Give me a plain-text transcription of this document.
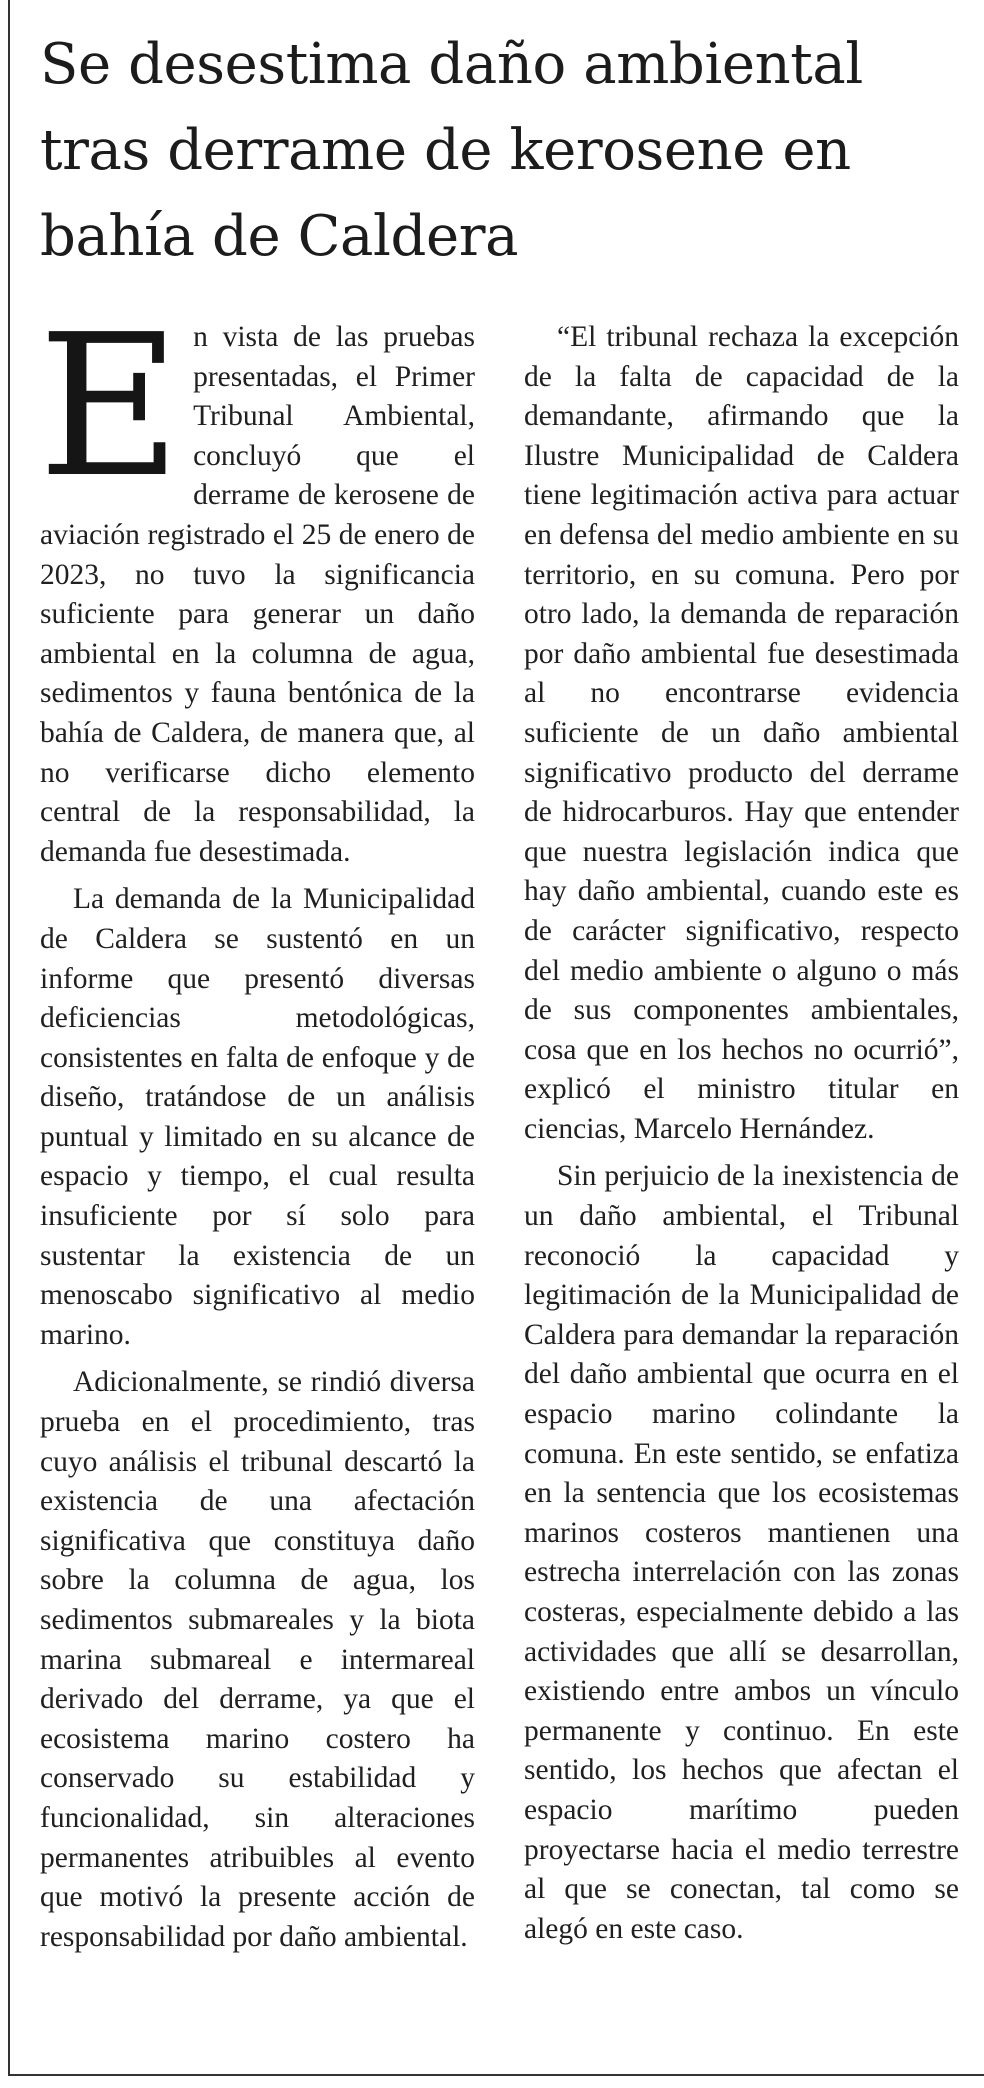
Se desestima daño ambiental tras derrame de kerosene en bahía de Caldera

En vista de las pruebas presentadas, el Primer Tribunal Ambiental, concluyó que el derrame de kerosene de aviación registrado el 25 de enero de 2023, no tuvo la significancia suficiente para generar un daño ambiental en la columna de agua, sedimentos y fauna bentónica de la bahía de Caldera, de manera que, al no verificarse dicho elemento central de la responsabilidad, la demanda fue desestimada.

La demanda de la Municipalidad de Caldera se sustentó en un informe que presentó diversas deficiencias metodológicas, consistentes en falta de enfoque y de diseño, tratándose de un análisis puntual y limitado en su alcance de espacio y tiempo, el cual resulta insuficiente por sí solo para sustentar la existencia de un menoscabo significativo al medio marino.

Adicionalmente, se rindió diversa prueba en el procedimiento, tras cuyo análisis el tribunal descartó la existencia de una afectación significativa que constituya daño sobre la columna de agua, los sedimentos submareales y la biota marina submareal e intermareal derivado del derrame, ya que el ecosistema marino costero ha conservado su estabilidad y funcionalidad, sin alteraciones permanentes atribuibles al evento que motivó la presente acción de responsabilidad por daño ambiental.

“El tribunal rechaza la excepción de la falta de capacidad de la demandante, afirmando que la Ilustre Municipalidad de Caldera tiene legitimación activa para actuar en defensa del medio ambiente en su territorio, en su comuna. Pero por otro lado, la demanda de reparación por daño ambiental fue desestimada al no encontrarse evidencia suficiente de un daño ambiental significativo producto del derrame de hidrocarburos. Hay que entender que nuestra legislación indica que hay daño ambiental, cuando este es de carácter significativo, respecto del medio ambiente o alguno o más de sus componentes ambientales, cosa que en los hechos no ocurrió”, explicó el ministro titular en ciencias, Marcelo Hernández.

Sin perjuicio de la inexistencia de un daño ambiental, el Tribunal reconoció la capacidad y legitimación de la Municipalidad de Caldera para demandar la reparación del daño ambiental que ocurra en el espacio marino colindante la comuna. En este sentido, se enfatiza en la sentencia que los ecosistemas marinos costeros mantienen una estrecha interrelación con las zonas costeras, especialmente debido a las actividades que allí se desarrollan, existiendo entre ambos un vínculo permanente y continuo. En este sentido, los hechos que afectan el espacio marítimo pueden proyectarse hacia el medio terrestre al que se conectan, tal como se alegó en este caso.
